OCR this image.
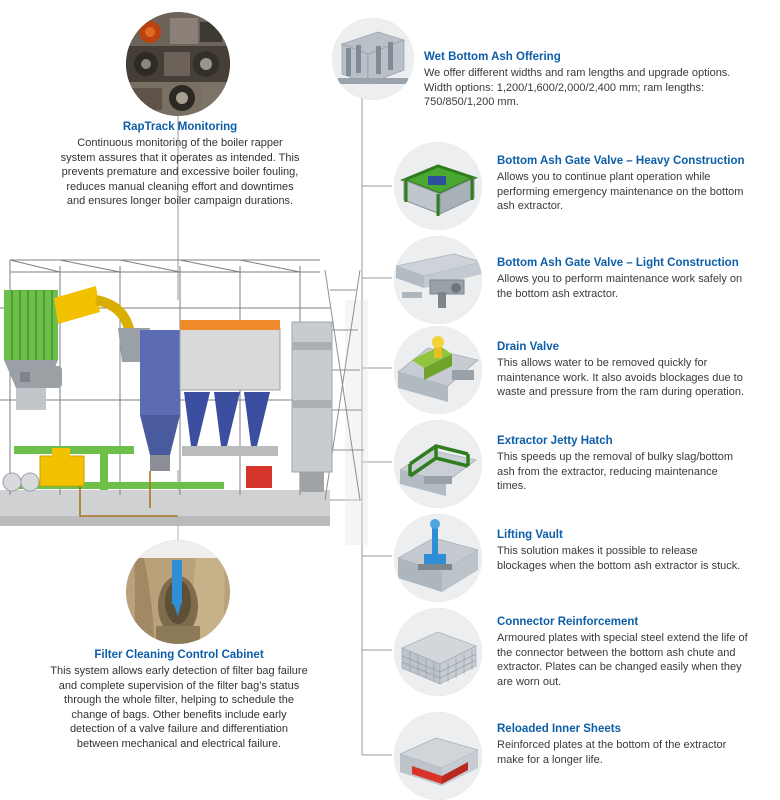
RapTrack Monitoring

Continuous monitoring of the boiler rapper system assures that it operates as intended. This prevents premature and excessive boiler fouling, reduces manual cleaning effort and downtimes and ensures longer boiler campaign durations.

Filter Cleaning Control Cabinet

This system allows early detection of filter bag failure and complete supervision of the filter bag's status through the whole filter, helping to schedule the change of bags. Other benefits include early detection of a valve failure and differentiation between mechanical and electrical failure.

Wet Bottom Ash Offering

We offer different widths and ram lengths and upgrade options. Width options: 1,200/1,600/2,000/2,400 mm; ram lengths: 750/850/1,200 mm.

Bottom Ash Gate Valve – Heavy Construction

Allows you to continue plant operation while performing emergency maintenance on the bottom ash extractor.

Bottom Ash Gate Valve – Light Construction

Allows you to perform maintenance work safely on the bottom ash extractor.

Drain Valve

This allows water to be removed quickly for maintenance work. It also avoids blockages due to waste and pressure from the ram during operation.

Extractor Jetty Hatch

This speeds up the removal of bulky slag/bottom ash from the extractor, reducing maintenance times.

Lifting Vault

This solution makes it possible to release blockages when the bottom ash extractor is stuck.

Connector Reinforcement

Armoured plates with special steel extend the life of the connector between the bottom ash chute and extractor. Plates can be changed easily when they are worn out.

Reloaded Inner Sheets

Reinforced plates at the bottom of the extractor make for a longer life.
